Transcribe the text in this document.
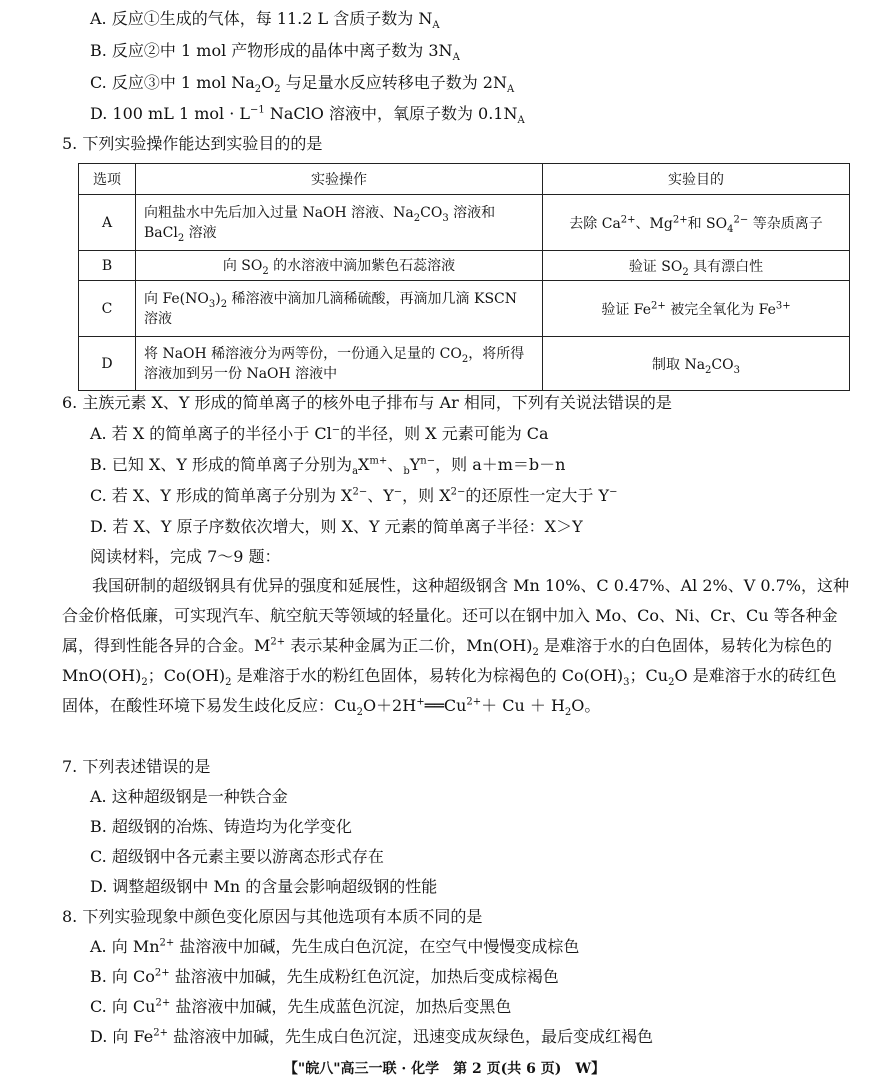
A. 反应①生成的气体，每 11.2 L 含质子数为 $N_A$
B. 反应②中 1 mol 产物形成的晶体中离子数为 $3N_A$
C. 反应③中 1 mol $Na_2O_2$ 与足量水反应转移电子数为 $2N_A$
D. 100 mL 1 mol · $L^{-1}$ NaClO 溶液中，氧原子数为 $0.1N_A$
5. 下列实验操作能达到实验目的的是
选项	实验操作	实验目的
A	向粗盐水中先后加入过量 NaOH 溶液、$Na_2CO_3$ 溶液和 BaCl$_2$ 溶液	去除 $Ca^{2+}$、$Mg^{2+}$和 $SO_4^{2-}$ 等杂质离子
B	向 $SO_2$ 的水溶液中滴加紫色石蕊溶液	验证 $SO_2$ 具有漂白性
C	向 $Fe(NO_3)_2$ 稀溶液中滴加几滴稀硫酸，再滴加几滴 KSCN 溶液	验证 $Fe^{2+}$ 被完全氧化为 $Fe^{3+}$
D	将 NaOH 稀溶液分为两等份，一份通入足量的 $CO_2$，将所得溶液加到另一份 NaOH 溶液中	制取 $Na_2CO_3$
6. 主族元素 X、Y 形成的简单离子的核外电子排布与 Ar 相同，下列有关说法错误的是
A. 若 X 的简单离子的半径小于 Cl−的半径，则 X 元素可能为 Ca
B. 已知 X、Y 形成的简单离子分别为$_aX^{m+}$、$_bY^{n-}$，则 a＋m＝b－n
C. 若 X、Y 形成的简单离子分别为 $X^{2-}$、Y−，则 $X^{2-}$的还原性一定大于 Y−
D. 若 X、Y 原子序数依次增大，则 X、Y 元素的简单离子半径：X＞Y
阅读材料，完成 7～9 题：
我国研制的超级钢具有优异的强度和延展性，这种超级钢含 Mn 10%、C 0.47%、Al 2%、V 0.7%，这种合金价格低廉，可实现汽车、航空航天等领域的轻量化。还可以在钢中加入 Mo、Co、Ni、Cr、Cu 等各种金属，得到性能各异的合金。$M^{2+}$ 表示某种金属为正二价，$Mn(OH)_2$ 是难溶于水的白色固体，易转化为棕色的 $MnO(OH)_2$；$Co(OH)_2$ 是难溶于水的粉红色固体，易转化为棕褐色的 $Co(OH)_3$；$Cu_2O$ 是难溶于水的砖红色固体，在酸性环境下易发生歧化反应：$Cu_2O+2H^+══Cu^{2+}+ Cu + H_2O$。
7. 下列表述错误的是
A. 这种超级钢是一种铁合金
B. 超级钢的冶炼、铸造均为化学变化
C. 超级钢中各元素主要以游离态形式存在
D. 调整超级钢中 Mn 的含量会影响超级钢的性能
8. 下列实验现象中颜色变化原因与其他选项有本质不同的是
A. 向 $Mn^{2+}$ 盐溶液中加碱，先生成白色沉淀，在空气中慢慢变成棕色
B. 向 $Co^{2+}$ 盐溶液中加碱，先生成粉红色沉淀，加热后变成棕褐色
C. 向 $Cu^{2+}$ 盐溶液中加碱，先生成蓝色沉淀，加热后变黑色
D. 向 $Fe^{2+}$ 盐溶液中加碱，先生成白色沉淀，迅速变成灰绿色，最后变成红褐色
【"皖八"高三一联 · 化学　第 2 页(共 6 页)　W】
